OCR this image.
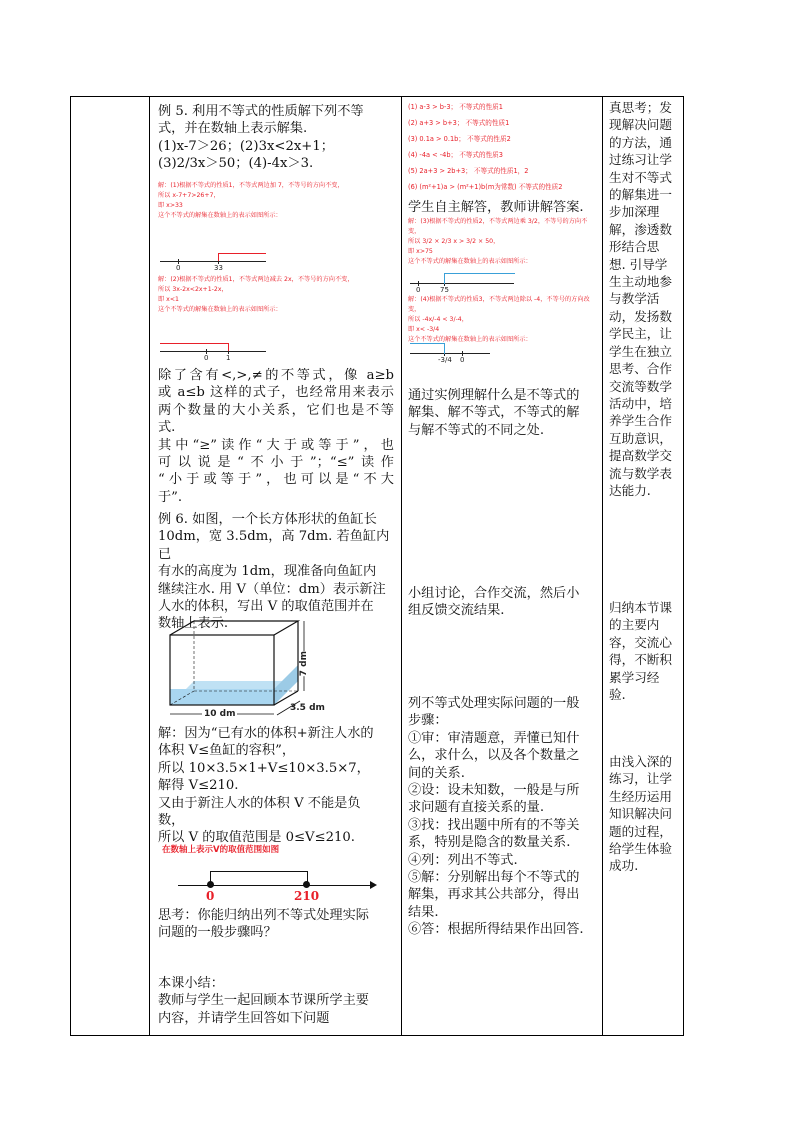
例 5. 利用不等式的性质解下列不等
式，并在数轴上表示解集.
(1)x-7＞26；(2)3x<2x+1；
(3)2/3x＞50；(4)-4x＞3.
解：(1)根据不等式的性质1，不等式两边加 7，不等号的方向不变，
所以 x-7+7>26+7，
即 x>33
这个不等式的解集在数轴上的表示如图所示：
0	33
解：(2)根据不等式的性质1，不等式两边减去 2x，不等号的方向不变，
所以 3x-2x<2x+1-2x，
即 x<1
这个不等式的解集在数轴上的表示如图所示：
0	1
除了含有<,>,≠的不等式，像 a≥b
或 a≤b 这样的式子，也经常用来表示
两个数量的大小关系，它们也是不等
式.
其中“≥”读作“大于或等于”，也
可以说是“不小于”；“≤”读作
“小于或等于”，也可以是“不大
于”.
例 6. 如图，一个长方体形状的鱼缸长
10dm，宽 3.5dm，高 7dm. 若鱼缸内已
有水的高度为 1dm，现准备向鱼缸内
继续注水. 用 V（单位：dm）表示新注
人水的体积，写出 V 的取值范围并在
数轴上表示.
10 dm
3.5 dm
7 dm
解：因为“已有水的体积+新注人水的
体积 V≤鱼缸的容积”，
所以 10×3.5×1+V≤10×3.5×7，
解得 V≤210.
又由于新注人水的体积 V 不能是负
数，
所以 V 的取值范围是 0≤V≤210.
在数轴上表示V的取值范围如图
0	210
思考：你能归纳出列不等式处理实际
问题的一般步骤吗？
本课小结：
教师与学生一起回顾本节课所学主要
内容，并请学生回答如下问题
(1) a-3 > b-3； 不等式的性质1
(2) a+3 > b+3； 不等式的性质1
(3) 0.1a > 0.1b； 不等式的性质2
(4) -4a < -4b； 不等式的性质3
(5) 2a+3 > 2b+3； 不等式的性质1，2
(6) (m²+1)a > (m²+1)b(m为常数) 不等式的性质2
学生自主解答，教师讲解答案.
解：(3)根据不等式的性质2，不等式两边乘 3/2，不等号的方向不变，
所以 3/2 × 2/3 x > 3/2 × 50，
即 x>75
这个不等式的解集在数轴上的表示如图所示：
0	75
解：(4)根据不等式的性质3，不等式两边除以 -4，不等号的方向改变，
所以 -4x/-4 < 3/-4，
即 x< -3/4
这个不等式的解集在数轴上的表示如图所示：
-3/4 0
通过实例理解什么是不等式的
解集、解不等式，不等式的解
与解不等式的不同之处.
小组讨论，合作交流，然后小
组反馈交流结果.
列不等式处理实际问题的一般
步骤：
①审：审清题意，弄懂已知什
么，求什么，以及各个数量之
间的关系.
②设：设未知数，一般是与所
求问题有直接关系的量.
③找：找出题中所有的不等关
系，特别是隐含的数量关系.
④列：列出不等式.
⑤解：分别解出每个不等式的
解集，再求其公共部分，得出
结果.
⑥答：根据所得结果作出回答.
真思考；发
现解决问题
的方法，通
过练习让学
生对不等式
的解集进一
步加深理
解，渗透数
形结合思
想. 引导学
生主动地参
与教学活
动，发扬数
学民主，让
学生在独立
思考、合作
交流等数学
活动中，培
养学生合作
互助意识，
提高数学交
流与数学表
达能力.
归纳本节课
的主要内
容，交流心
得，不断积
累学习经
验.
由浅入深的
练习，让学
生经历运用
知识解决问
题的过程，
给学生体验
成功.
